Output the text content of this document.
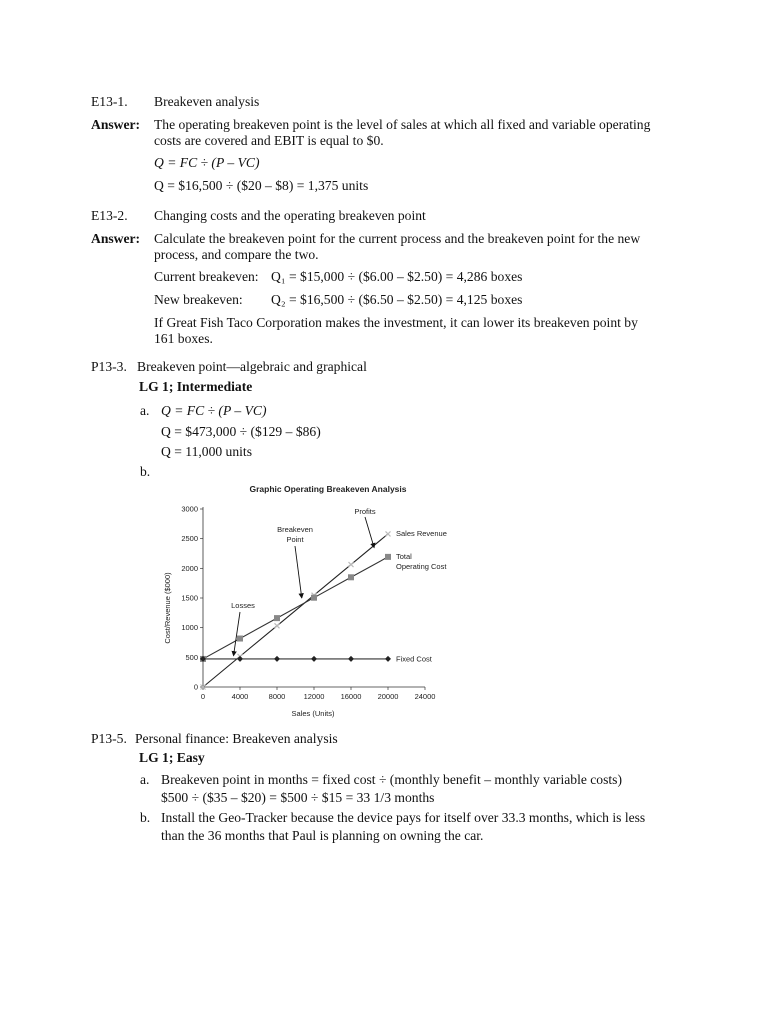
E13-1. Breakeven analysis
Answer: The operating breakeven point is the level of sales at which all fixed and variable operating
costs are covered and EBIT is equal to $0.
Q = FC ÷ (P – VC)
Q = $16,500 ÷ ($20 – $8) = 1,375 units
E13-2. Changing costs and the operating breakeven point
Answer: Calculate the breakeven point for the current process and the breakeven point for the new
process, and compare the two.
Current breakeven: Q₁ = $15,000 ÷ ($6.00 – $2.50) = 4,286 boxes
New breakeven: Q₂ = $16,500 ÷ ($6.50 – $2.50) = 4,125 boxes
If Great Fish Taco Corporation makes the investment, it can lower its breakeven point by
161 boxes.
P13-3. Breakeven point—algebraic and graphical
LG 1; Intermediate
a. Q = FC ÷ (P – VC)
Q = $473,000 ÷ ($129 – $86)
Q = 11,000 units
b.
Graphic Operating Breakeven Analysis
0	4000	8000 12000 16000 20000 24000
0
500
1000
1500
2000
2500
3000
Sales Revenue
Total
Operating Cost
Fixed Cost
Profits
Breakeven
Point
Losses
Sales (Units)
Cost/Revenue ($000)
P13-5. Personal finance: Breakeven analysis
LG 1; Easy
a. Breakeven point in months = fixed cost ÷ (monthly benefit – monthly variable costs)
$500 ÷ ($35 – $20) = $500 ÷ $15 = 33 1/3 months
b. Install the Geo-Tracker because the device pays for itself over 33.3 months, which is less
than the 36 months that Paul is planning on owning the car.
